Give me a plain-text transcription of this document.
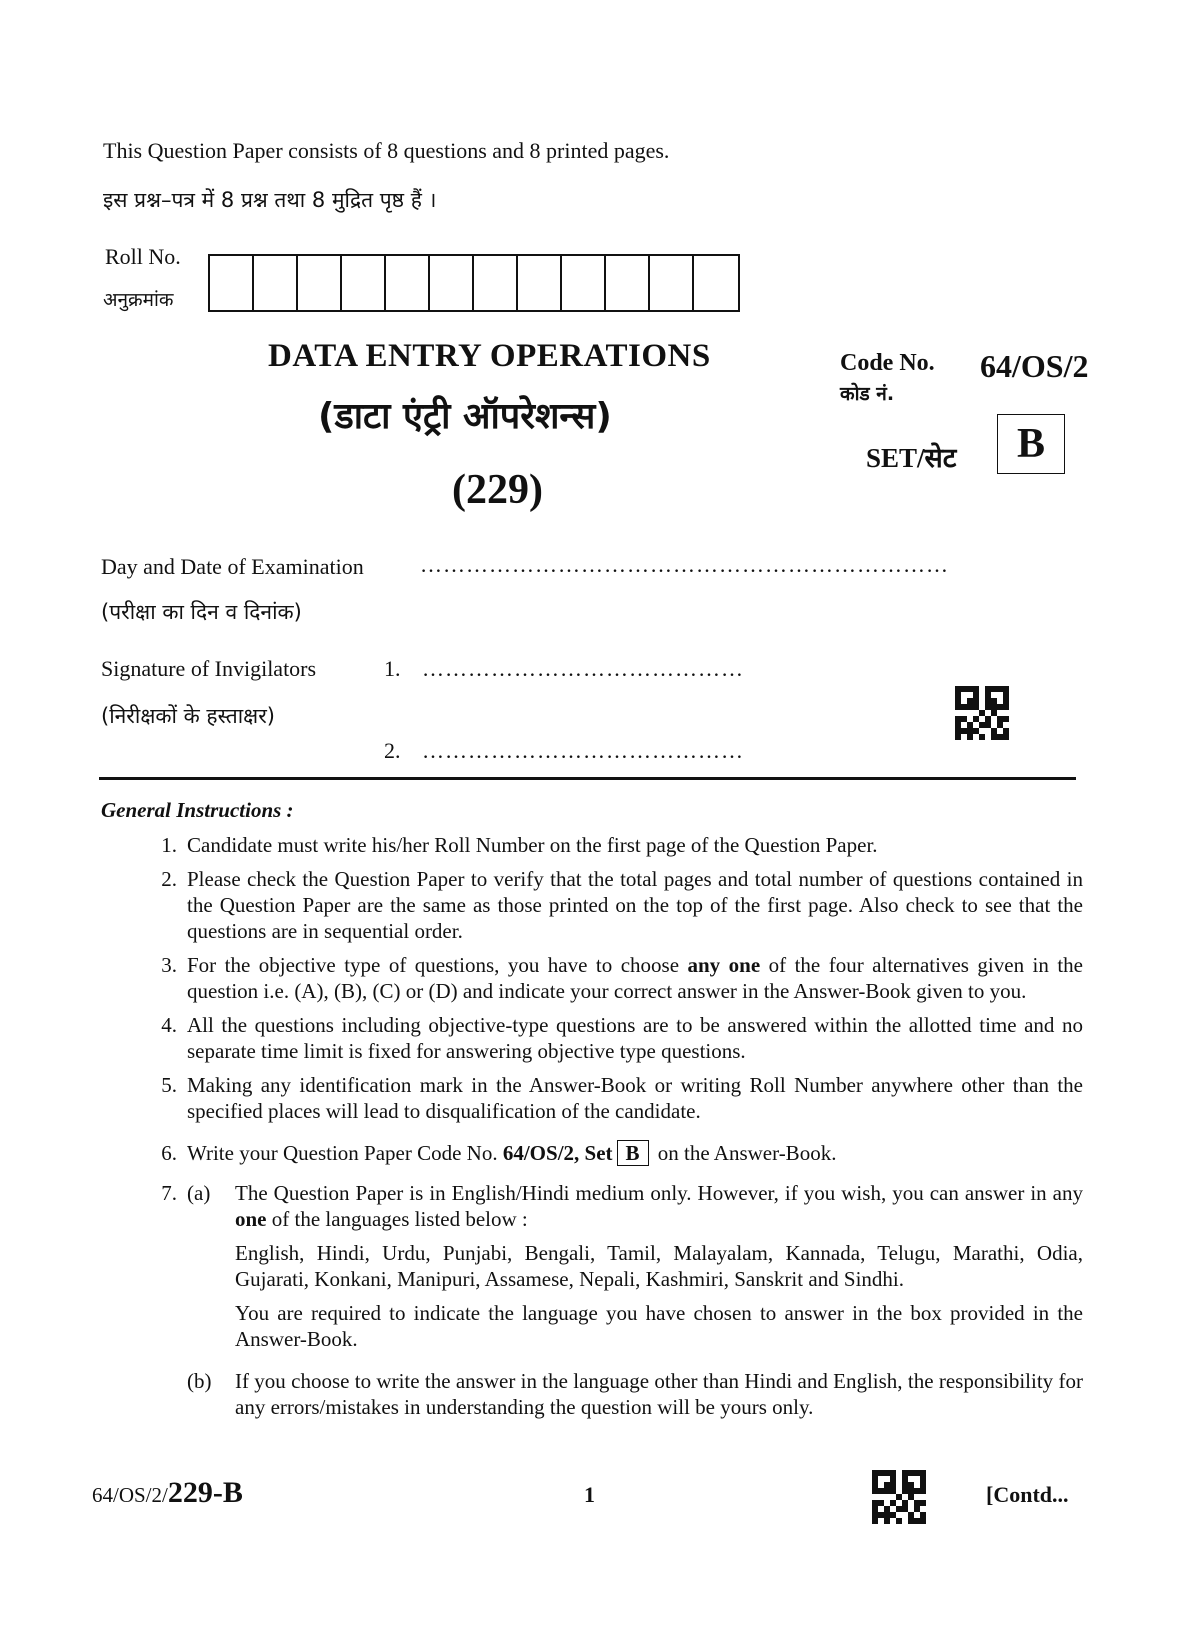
This Question Paper consists of 8 questions and 8 printed pages.
इस प्रश्न–पत्र में 8 प्रश्न तथा 8 मुद्रित पृष्ठ हैं ।
Roll No.
अनुक्रमांक
DATA ENTRY OPERATIONS
(डाटा एंट्री ऑपरेशन्स)
(229)
Code No.
कोड नं.
64/OS/2
SET/सेट	B
Day and Date of Examination	……………………………………………………………
(परीक्षा का दिन व दिनांक)
Signature of Invigilators	1. ……………………………………
(निरीक्षकों के हस्ताक्षर)
2. ……………………………………
General Instructions :
1. Candidate must write his/her Roll Number on the first page of the Question Paper.
2. Please check the Question Paper to verify that the total pages and total number of questions contained in the Question Paper are the same as those printed on the top of the first page. Also check to see that the questions are in sequential order.
3. For the objective type of questions, you have to choose any one of the four alternatives given in the question i.e. (A), (B), (C) or (D) and indicate your correct answer in the Answer-Book given to you.
4. All the questions including objective-type questions are to be answered within the allotted time and no separate time limit is fixed for answering objective type questions.
5. Making any identification mark in the Answer-Book or writing Roll Number anywhere other than the specified places will lead to disqualification of the candidate.
6. Write your Question Paper Code No. 64/OS/2, Set B on the Answer-Book.
7. (a)	The Question Paper is in English/Hindi medium only. However, if you wish, you can answer in any one of the languages listed below :

English, Hindi, Urdu, Punjabi, Bengali, Tamil, Malayalam, Kannada, Telugu, Marathi, Odia, Gujarati, Konkani, Manipuri, Assamese, Nepali, Kashmiri, Sanskrit and Sindhi.

You are required to indicate the language you have chosen to answer in the box provided in the Answer-Book.

(b)	If you choose to write the answer in the language other than Hindi and English, the responsibility for any errors/mistakes in understanding the question will be yours only.
64/OS/2/229-B	1	[Contd...
